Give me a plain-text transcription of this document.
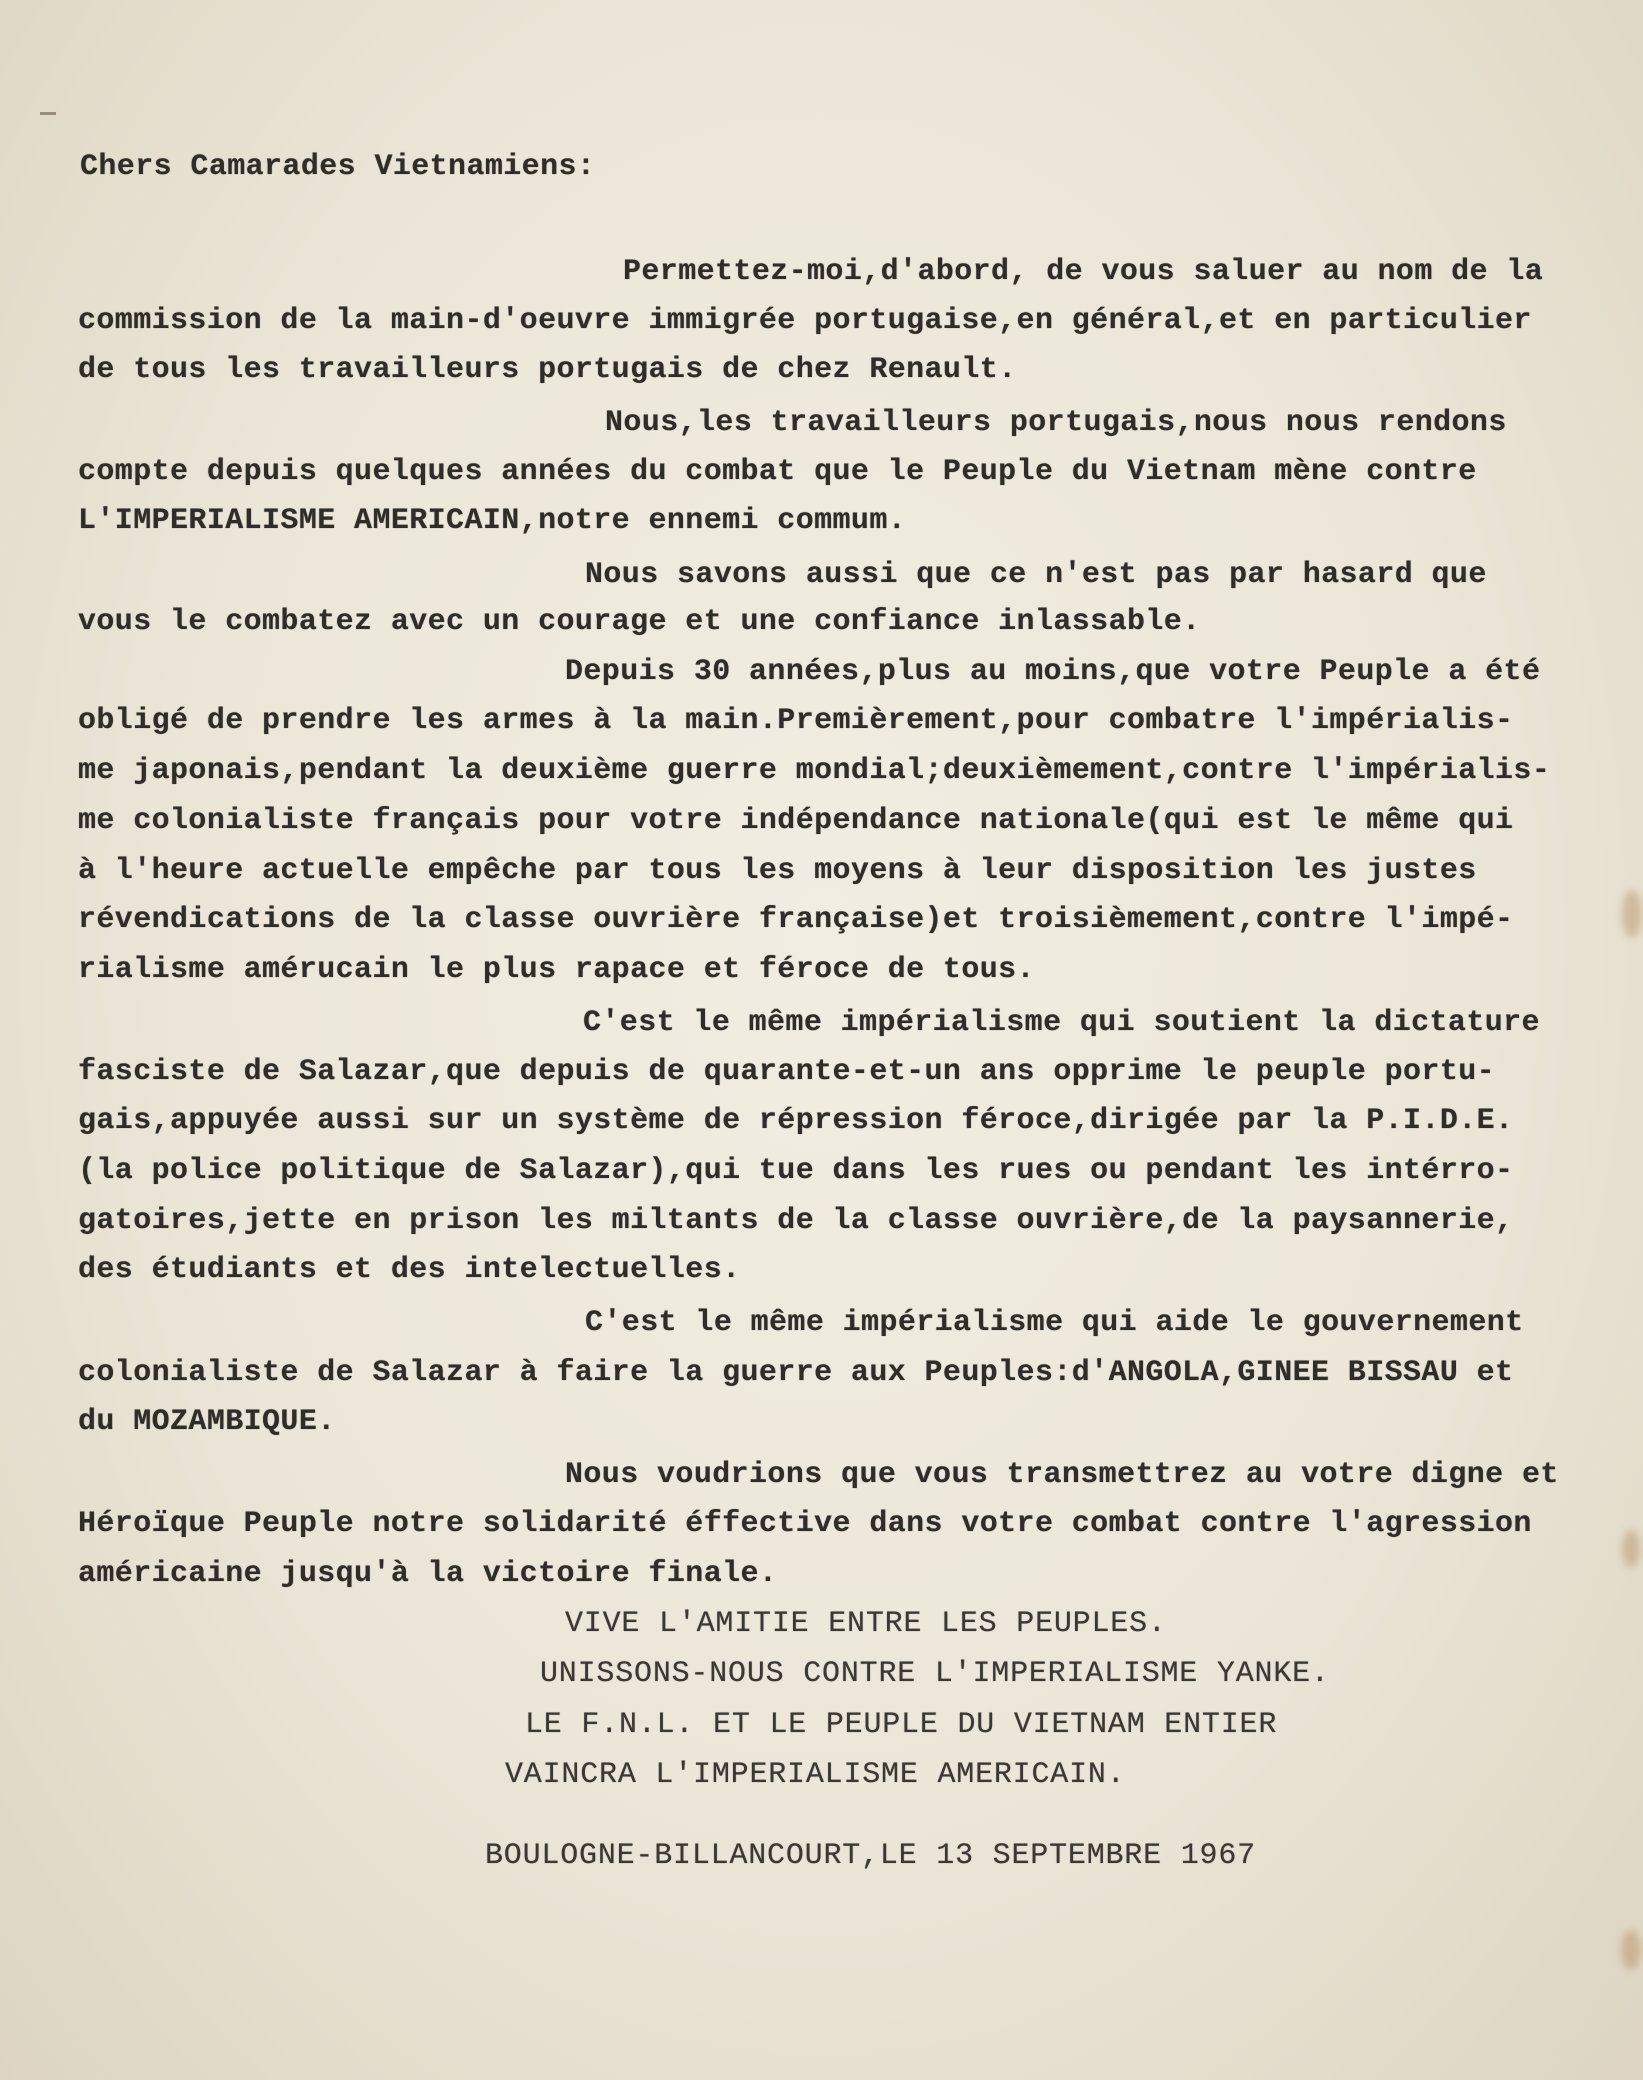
Chers Camarades Vietnamiens:
Permettez-moi,d'abord, de vous saluer au nom de la
commission de la main-d'oeuvre immigrée portugaise,en général,et en particulier
de tous les travailleurs portugais de chez Renault.
Nous,les travailleurs portugais,nous nous rendons
compte depuis quelques années du combat que le Peuple du Vietnam mène contre
L'IMPERIALISME AMERICAIN,notre ennemi commum.
Nous savons aussi que ce n'est pas par hasard que
vous le combatez avec un courage et une confiance inlassable.
Depuis 30 années,plus au moins,que votre Peuple a été
obligé de prendre les armes à la main.Premièrement,pour combatre l'impérialis-
me japonais,pendant la deuxième guerre mondial;deuxièmement,contre l'impérialis-
me colonialiste français pour votre indépendance nationale(qui est le même qui
à l'heure actuelle empêche par tous les moyens à leur disposition les justes
révendications de la classe ouvrière française)et troisièmement,contre l'impé-
rialisme amérucain le plus rapace et féroce de tous.
C'est le même impérialisme qui soutient la dictature
fasciste de Salazar,que depuis de quarante-et-un ans opprime le peuple portu-
gais,appuyée aussi sur un système de répression féroce,dirigée par la P.I.D.E.
(la police politique de Salazar),qui tue dans les rues ou pendant les intérro-
gatoires,jette en prison les miltants de la classe ouvrière,de la paysannerie,
des étudiants et des intelectuelles.
C'est le même impérialisme qui aide le gouvernement
colonialiste de Salazar à faire la guerre aux Peuples:d'ANGOLA,GINEE BISSAU et
du MOZAMBIQUE.
Nous voudrions que vous transmettrez au votre digne et
Héroïque Peuple notre solidarité éffective dans votre combat contre l'agression
américaine jusqu'à la victoire finale.
VIVE L'AMITIE ENTRE LES PEUPLES.
UNISSONS-NOUS CONTRE L'IMPERIALISME YANKE.
LE F.N.L. ET LE PEUPLE DU VIETNAM ENTIER
VAINCRA L'IMPERIALISME AMERICAIN.
BOULOGNE-BILLANCOURT,LE 13 SEPTEMBRE 1967
